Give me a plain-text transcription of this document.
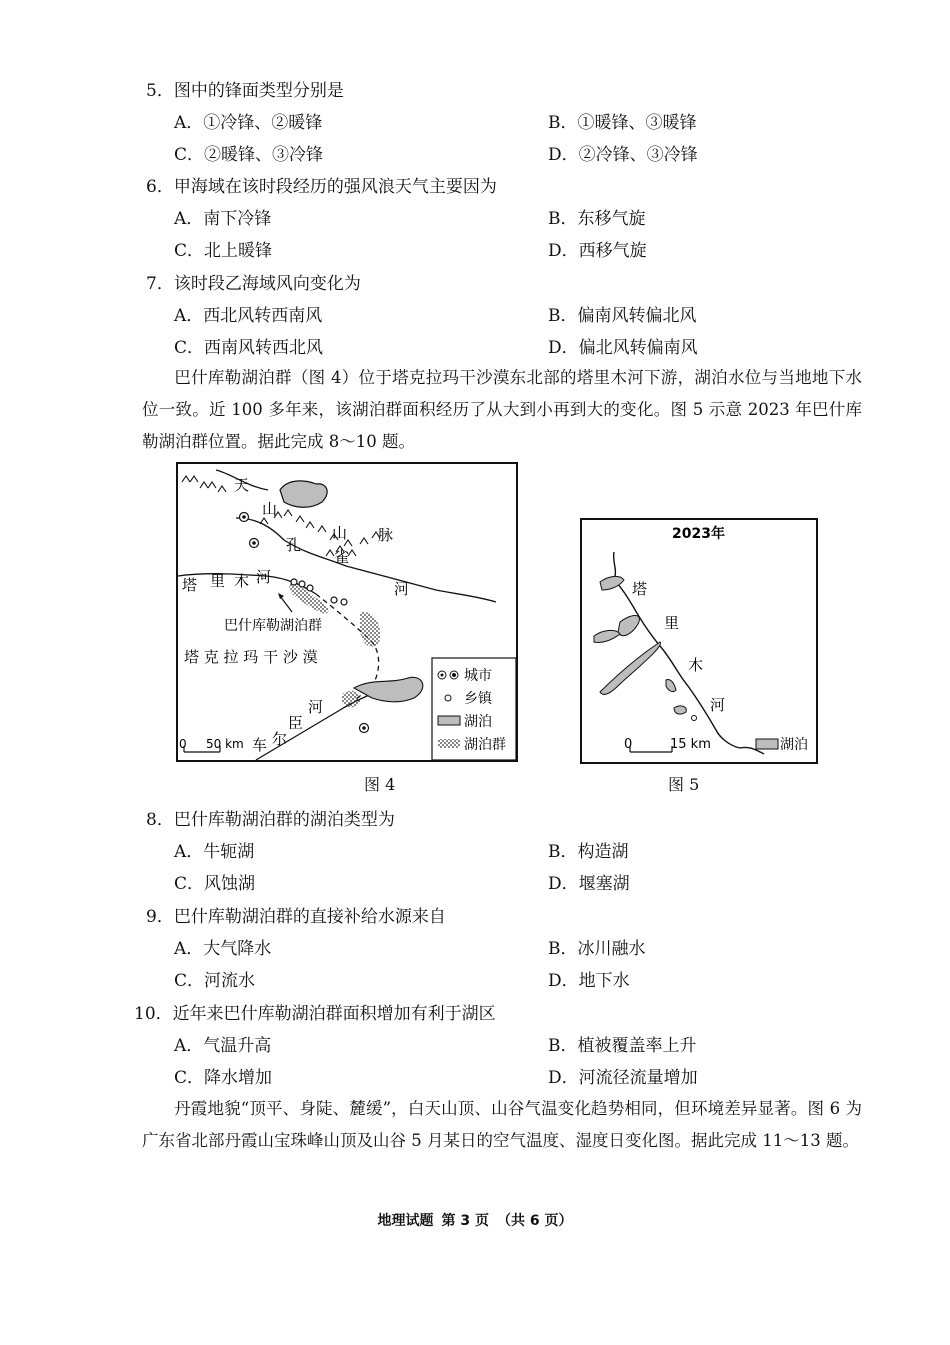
5．图中的锋面类型分别是
A．①冷锋、②暖锋	B．①暖锋、③暖锋
C．②暖锋、③冷锋	D．②冷锋、③冷锋
6．甲海域在该时段经历的强风浪天气主要因为
A．南下冷锋	B．东移气旋
C．北上暖锋	D．西移气旋
7．该时段乙海域风向变化为
A．西北风转西南风	B．偏南风转偏北风
C．西南风转西北风	D．偏北风转偏南风
巴什库勒湖泊群（图 4）位于塔克拉玛干沙漠东北部的塔里木河下游，湖泊水位与当地地下水位一致。近 100 多年来，该湖泊群面积经历了从大到小再到大的变化。图 5 示意 2023 年巴什库勒湖泊群位置。据此完成 8～10 题。
天
山
山 脉
孔
雀
河
塔 里 木 河
巴什库勒湖泊群
塔 克 拉 玛 干 沙 漠
河
臣
尔
车
0 50 km
城市
乡镇
湖泊
湖泊群
图 4
2023年
塔
里
木
河
0	15 km	湖泊
图 5
8．巴什库勒湖泊群的湖泊类型为
A．牛轭湖	B．构造湖
C．风蚀湖	D．堰塞湖
9．巴什库勒湖泊群的直接补给水源来自
A．大气降水	B．冰川融水
C．河流水	D．地下水
10．近年来巴什库勒湖泊群面积增加有利于湖区
A．气温升高	B．植被覆盖率上升
C．降水增加	D．河流径流量增加
丹霞地貌“顶平、身陡、麓缓”，白天山顶、山谷气温变化趋势相同，但环境差异显著。图 6 为广东省北部丹霞山宝珠峰山顶及山谷 5 月某日的空气温度、湿度日变化图。据此完成 11～13 题。
地理试题 第 3 页 （共 6 页）
